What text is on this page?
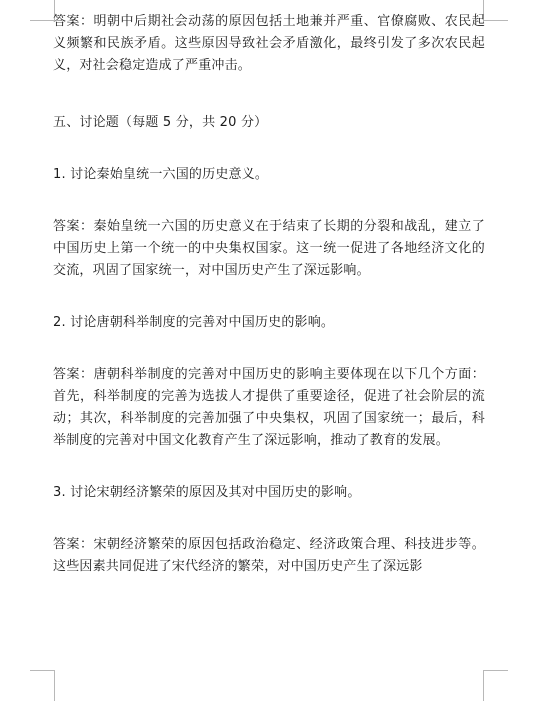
答案：明朝中后期社会动荡的原因包括土地兼并严重、官僚腐败、农民起义频繁和民族矛盾。这些原因导致社会矛盾激化，最终引发了多次农民起义，对社会稳定造成了严重冲击。

五、讨论题（每题 5 分，共 20 分）

1. 讨论秦始皇统一六国的历史意义。

答案：秦始皇统一六国的历史意义在于结束了长期的分裂和战乱，建立了中国历史上第一个统一的中央集权国家。这一统一促进了各地经济文化的交流，巩固了国家统一，对中国历史产生了深远影响。

2. 讨论唐朝科举制度的完善对中国历史的影响。

答案：唐朝科举制度的完善对中国历史的影响主要体现在以下几个方面：首先，科举制度的完善为选拔人才提供了重要途径，促进了社会阶层的流动；其次，科举制度的完善加强了中央集权，巩固了国家统一；最后，科举制度的完善对中国文化教育产生了深远影响，推动了教育的发展。

3. 讨论宋朝经济繁荣的原因及其对中国历史的影响。

答案：宋朝经济繁荣的原因包括政治稳定、经济政策合理、科技进步等。这些因素共同促进了宋代经济的繁荣，对中国历史产生了深远影
